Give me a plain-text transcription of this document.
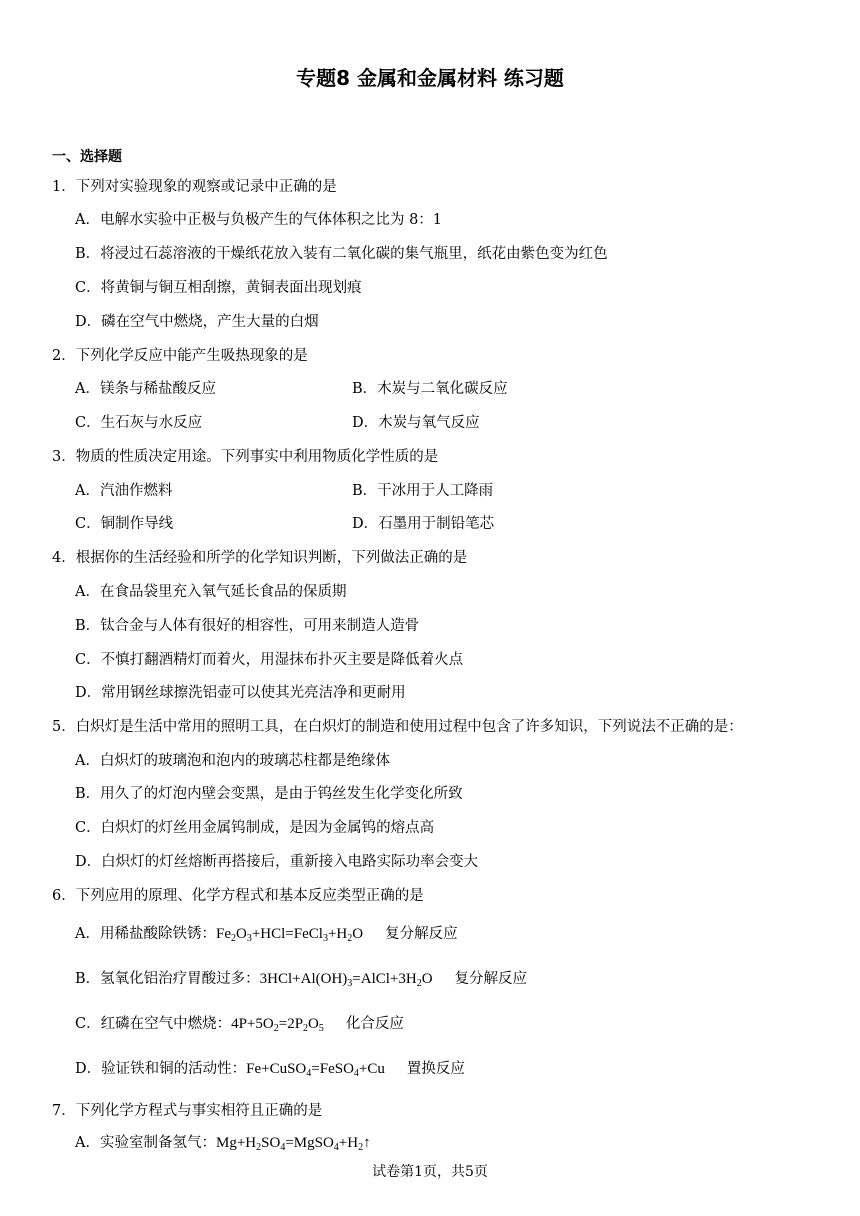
专题8 金属和金属材料 练习题
一、选择题
1．下列对实验现象的观察或记录中正确的是
A．电解水实验中正极与负极产生的气体体积之比为 8：1
B．将浸过石蕊溶液的干燥纸花放入装有二氧化碳的集气瓶里，纸花由紫色变为红色
C．将黄铜与铜互相刮擦，黄铜表面出现划痕
D．磷在空气中燃烧，产生大量的白烟
2．下列化学反应中能产生吸热现象的是
A．镁条与稀盐酸反应	B．木炭与二氧化碳反应
C．生石灰与水反应	D．木炭与氧气反应
3．物质的性质决定用途。下列事实中利用物质化学性质的是
A．汽油作燃料	B．干冰用于人工降雨
C．铜制作导线	D．石墨用于制铅笔芯
4．根据你的生活经验和所学的化学知识判断，下列做法正确的是
A．在食品袋里充入氧气延长食品的保质期
B．钛合金与人体有很好的相容性，可用来制造人造骨
C．不慎打翻酒精灯而着火，用湿抹布扑灭主要是降低着火点
D．常用钢丝球擦洗铝壶可以使其光亮洁净和更耐用
5．白炽灯是生活中常用的照明工具，在白炽灯的制造和使用过程中包含了许多知识，下列说法不正确的是：
A．白炽灯的玻璃泡和泡内的玻璃芯柱都是绝缘体
B．用久了的灯泡内壁会变黑，是由于钨丝发生化学变化所致
C．白炽灯的灯丝用金属钨制成，是因为金属钨的熔点高
D．白炽灯的灯丝熔断再搭接后，重新接入电路实际功率会变大
6．下列应用的原理、化学方程式和基本反应类型正确的是
A．用稀盐酸除铁锈：$Fe_2O_3+HCl=FeCl_3+H_2O$ 复分解反应
B．氢氧化铝治疗胃酸过多：$3HCl+Al(OH)_3=AlCl+3H_2O$ 复分解反应
C．红磷在空气中燃烧：$4P+5O_2=2P_2O_5$ 化合反应
D．验证铁和铜的活动性：Fe+CuSO$_4$=FeSO$_4$+Cu 置换反应
7．下列化学方程式与事实相符且正确的是
A．实验室制备氢气：$Mg+H_2SO_4=MgSO_4+H_2↑$
试卷第1页，共5页
